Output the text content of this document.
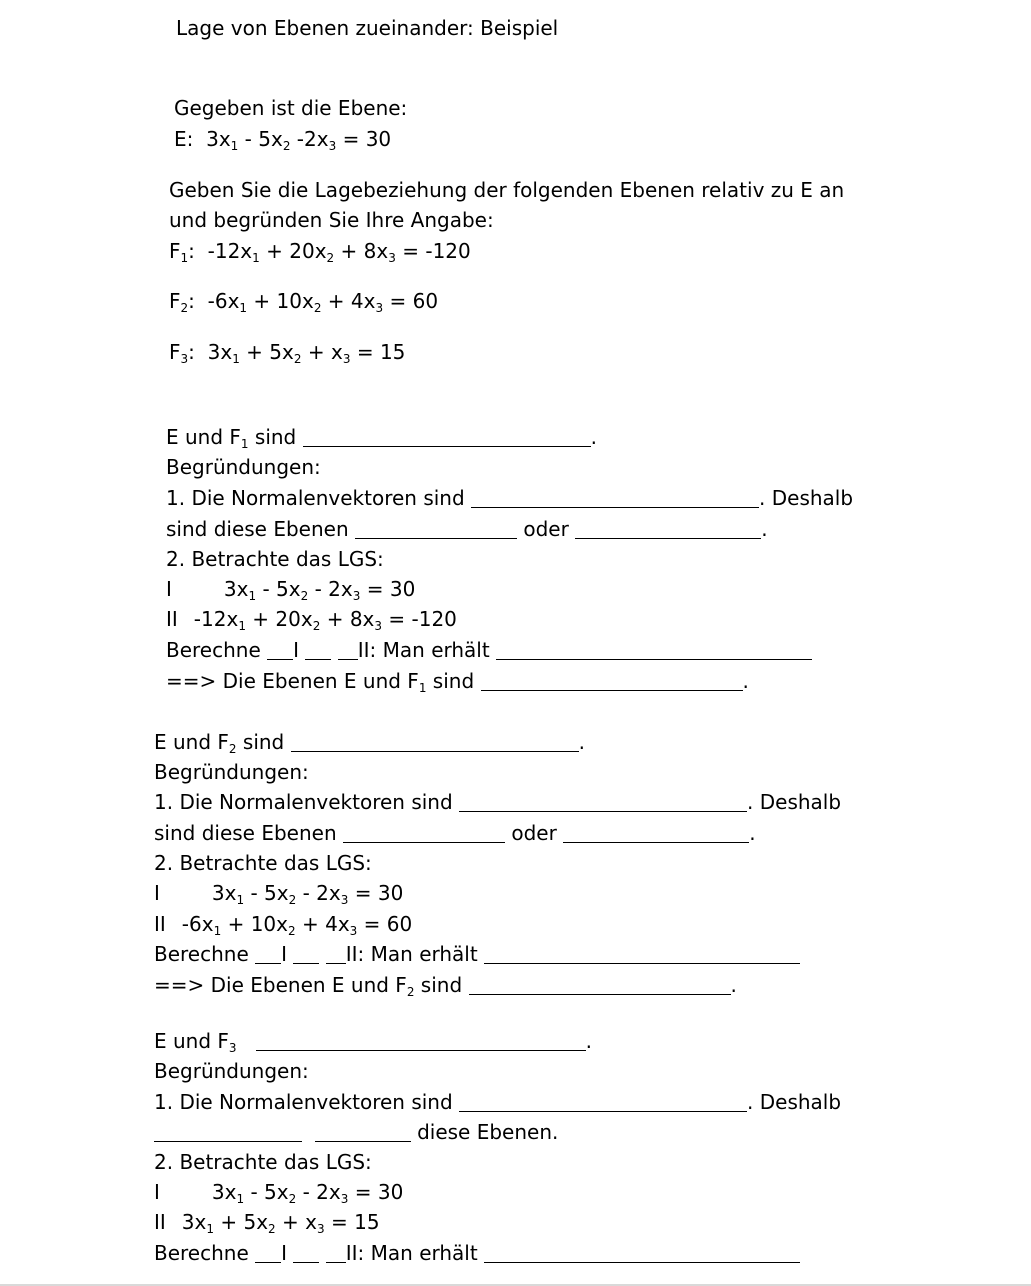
Lage von Ebenen zueinander: Beispiel
Gegeben ist die Ebene:
E: $3x_1 - 5x_2$ $-2x_3 = 30$
Geben Sie die Lagebeziehung der folgenden Ebenen relativ zu E an
und begründen Sie Ihre Angabe:
$F_1$: $-12x_1 + 20x_2 + 8x_3 = -120$
$F_2$: $-6x_1 + 10x_2 + 4x_3 = 60$
$F_3$: $3x_1 + 5x_2 + x_3 = 15$
E und $F_1$ sind	.
Begründungen:
1. Die Normalenvektoren sind	. Deshalb
sind diese Ebenen	oder	.
2. Betrachte das LGS:
I	$3x_1 - 5x_2 - 2x_3 = 30$
II $-12x_1 + 20x_2 + 8x_3 = -120$
Berechne I	II: Man erhält
==> Die Ebenen E und $F_1$ sind	.
E und $F_2$ sind	.
Begründungen:
1. Die Normalenvektoren sind	. Deshalb
sind diese Ebenen	oder	.
2. Betrachte das LGS:
I	$3x_1 - 5x_2 - 2x_3 = 30$
II $-6x_1 + 10x_2 + 4x_3 = 60$
Berechne I	II: Man erhält
==> Die Ebenen E und $F_2$ sind	.
E und $F_3$	.
Begründungen:
1. Die Normalenvektoren sind	. Deshalb
diese Ebenen.
2. Betrachte das LGS:
I	$3x_1 - 5x_2 - 2x_3 = 30$
II $3x_1 + 5x_2 + x_3 = 15$
Berechne I	II: Man erhält
